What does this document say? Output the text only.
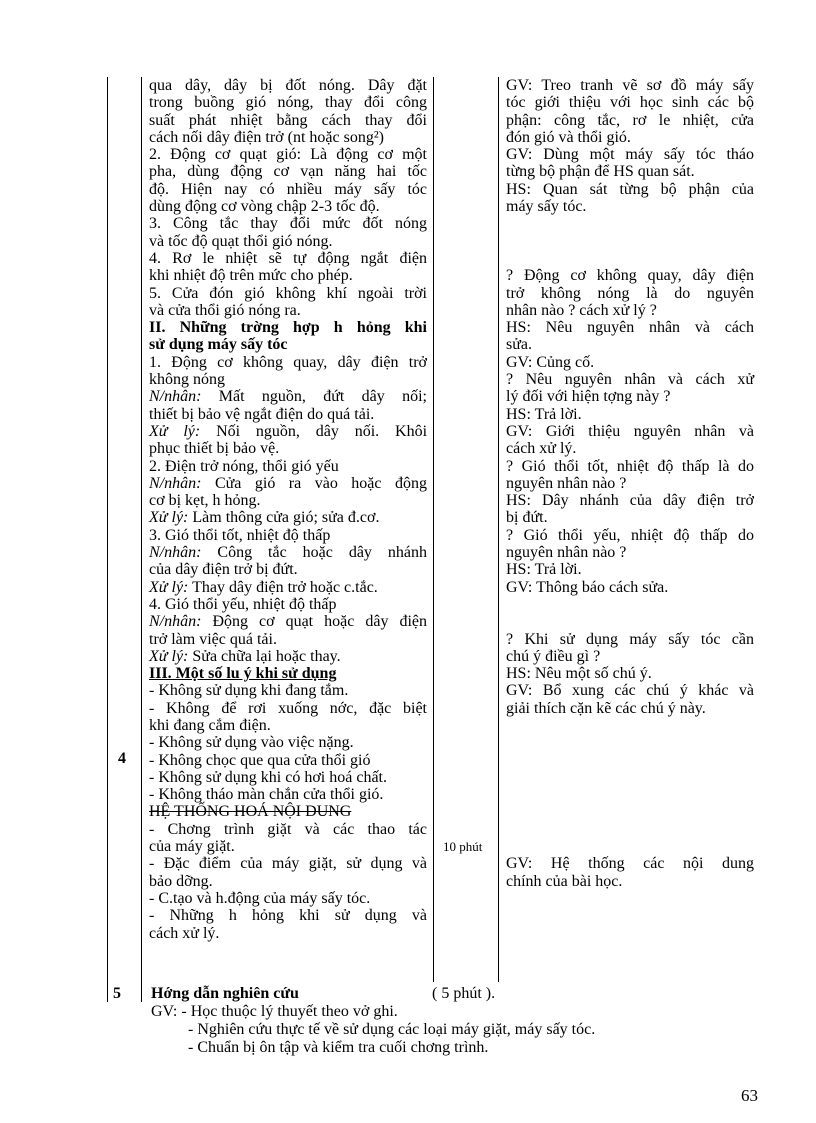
4
qua dây, dây bị đốt nóng. Dây đặt
trong buồng gió nóng, thay đổi công
suất phát nhiệt bằng cách thay đổi
cách nối dây điện trở (nt hoặc song²)
2. Động cơ quạt gió: Là động cơ một
pha, dùng động cơ vạn năng hai tốc
độ. Hiện nay có nhiều máy sấy tóc
dùng động cơ vòng chập 2-3 tốc độ.
3. Công tắc thay đổi mức đốt nóng
và tốc độ quạt thổi gió nóng.
4. Rơ le nhiệt sẽ tự động ngắt điện
khi nhiệt độ trên mức cho phép.
5. Cửa đón gió không khí ngoài trời
và cửa thổi gió nóng ra.
II. Những trờng hợp h hỏng khi
sử dụng máy sấy tóc
1. Động cơ không quay, dây điện trở
không nóng
N/nhân: Mất nguồn, đứt dây nối;
thiết bị bảo vệ ngắt điện do quá tải.
Xử lý: Nối nguồn, dây nối. Khôi
phục thiết bị bảo vệ.
2. Điện trở nóng, thổi gió yếu
N/nhân: Cửa gió ra vào hoặc động
cơ bị kẹt, h hỏng.
Xử lý: Làm thông cửa gió; sửa đ.cơ.
3. Gió thổi tốt, nhiệt độ thấp
N/nhân: Công tắc hoặc dây nhánh
của dây điện trở bị đứt.
Xử lý: Thay dây điện trở hoặc c.tắc.
4. Gió thổi yếu, nhiệt độ thấp
N/nhân: Động cơ quạt hoặc dây điện
trở làm việc quá tải.
Xử lý: Sửa chữa lại hoặc thay.
III. Một số lu ý khi sử dụng
- Không sử dụng khi đang tắm.
- Không để rơi xuống nớc, đặc biệt
khi đang cắm điện.
- Không sử dụng vào việc nặng.
- Không chọc que qua cửa thổi gió
- Không sử dụng khi có hơi hoá chất.
- Không tháo màn chắn cửa thổi gió.
HỆ THỐNG HOÁ NỘI DUNG
- Chơng trình giặt và các thao tác
của máy giặt.
- Đặc điểm của máy giặt, sử dụng và
bảo dỡng.
- C.tạo và h.động của máy sấy tóc.
- Những h hỏng khi sử dụng và
cách xử lý.
10 phút
GV: Treo tranh vẽ sơ đồ máy sấy
tóc giới thiệu với học sinh các bộ
phận: công tắc, rơ le nhiệt, cửa
đón gió và thổi gió.
GV: Dùng một máy sấy tóc tháo
từng bộ phận để HS quan sát.
HS: Quan sát từng bộ phận của
máy sấy tóc.
? Động cơ không quay, dây điện
trở không nóng là do nguyên
nhân nào ? cách xử lý ?
HS: Nêu nguyên nhân và cách
sửa.
GV: Củng cố.
? Nêu nguyên nhân và cách xử
lý đối với hiện tợng này ?
HS: Trả lời.
GV: Giới thiệu nguyên nhân và
cách xử lý.
? Gió thổi tốt, nhiệt độ thấp là do
nguyên nhân nào ?
HS: Dây nhánh của dây điện trở
bị đứt.
? Gió thổi yếu, nhiệt độ thấp do
nguyên nhân nào ?
HS: Trả lời.
GV: Thông báo cách sửa.
? Khi sử dụng máy sấy tóc cần
chú ý điều gì ?
HS: Nêu một số chú ý.
GV: Bổ xung các chú ý khác và
giải thích cặn kẽ các chú ý này.
GV: Hệ thống các nội dung
chính của bài học.
5 Hớng dẫn nghiên cứu	( 5 phút ).
GV: - Học thuộc lý thuyết theo vở ghi.
- Nghiên cứu thực tế về sử dụng các loại máy giặt, máy sấy tóc.
- Chuẩn bị ôn tập và kiểm tra cuối chơng trình.
63
